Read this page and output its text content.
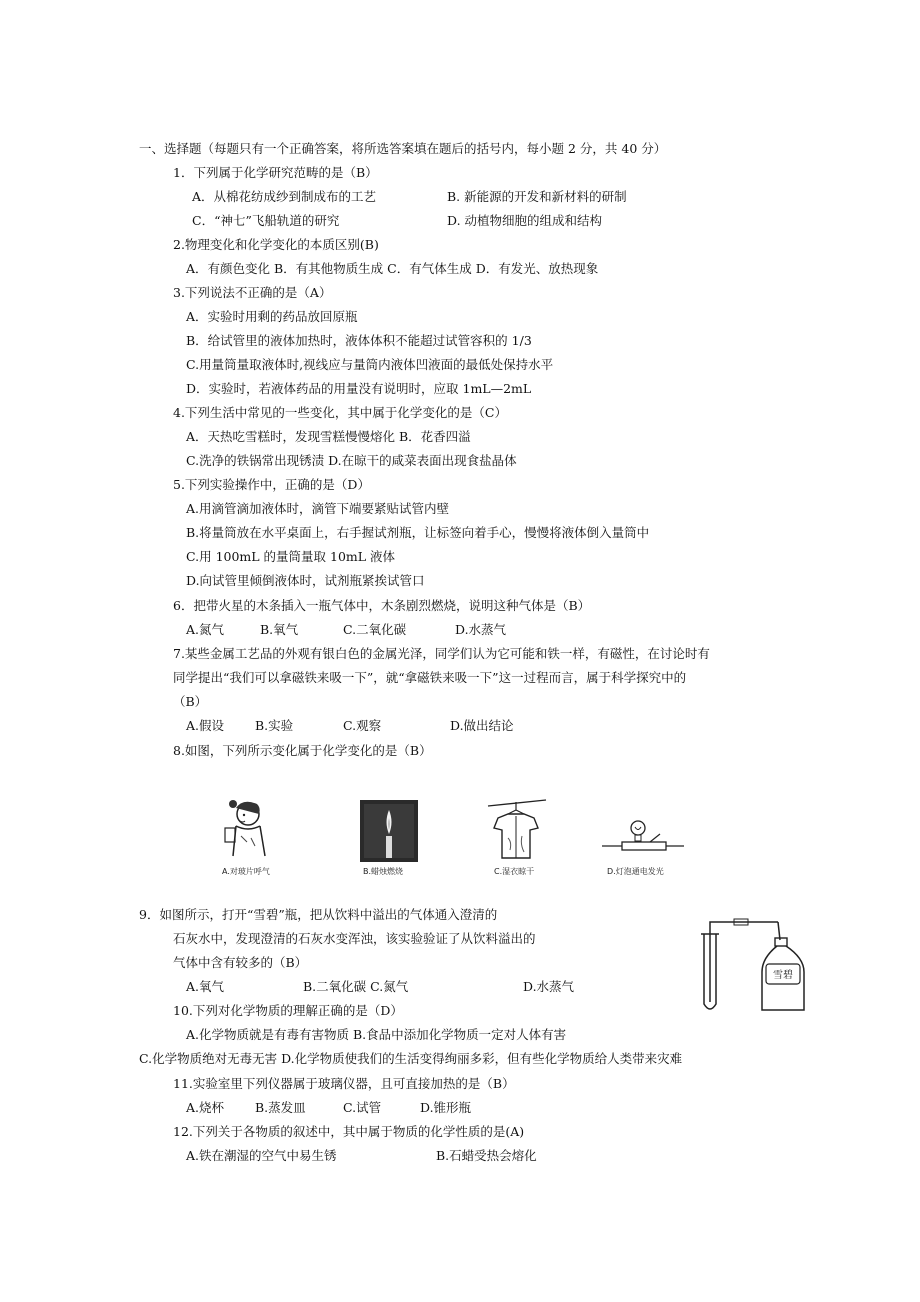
一、选择题（每题只有一个正确答案，将所选答案填在题后的括号内，每小题 2 分，共 40 分）
1．下列属于化学研究范畴的是（B）
A．从棉花纺成纱到制成布的工艺	B. 新能源的开发和新材料的研制
C．“神七”飞船轨道的研究	D. 动植物细胞的组成和结构
2.物理变化和化学变化的本质区别(B)
A．有颜色变化 B．有其他物质生成 C．有气体生成 D．有发光、放热现象
3.下列说法不正确的是（A）
A．实验时用剩的药品放回原瓶
B．给试管里的液体加热时，液体体积不能超过试管容积的 1/3
C.用量筒量取液体时,视线应与量筒内液体凹液面的最低处保持水平
D．实验时，若液体药品的用量没有说明时，应取 1mL—2mL
4.下列生活中常见的一些变化，其中属于化学变化的是（C）
A．天热吃雪糕时，发现雪糕慢慢熔化 B．花香四溢
C.洗净的铁锅常出现锈渍 D.在晾干的咸菜表面出现食盐晶体
5.下列实验操作中，正确的是（D）
A.用滴管滴加液体时，滴管下端要紧贴试管内壁
B.将量筒放在水平桌面上，右手握试剂瓶，让标签向着手心，慢慢将液体倒入量筒中
C.用 100mL 的量筒量取 10mL 液体
D.向试管里倾倒液体时，试剂瓶紧挨试管口
6．把带火星的木条插入一瓶气体中，木条剧烈燃烧，说明这种气体是（B）
A.氮气	B.氧气	C.二氧化碳	D.水蒸气
7.某些金属工艺品的外观有银白色的金属光泽，同学们认为它可能和铁一样，有磁性，在讨论时有
同学提出“我们可以拿磁铁来吸一下”，就“拿磁铁来吸一下”这一过程而言，属于科学探究中的
（B）
A.假设 B.实验	C.观察	D.做出结论
8.如图，下列所示变化属于化学变化的是（B）
A.对玻片呼气	B.蜡烛燃烧	C.湿衣晾干	D.灯泡通电发光
9．如图所示，打开“雪碧”瓶，把从饮料中溢出的气体通入澄清的
石灰水中，发现澄清的石灰水变浑浊，该实验验证了从饮料溢出的
气体中含有较多的（B）
A.氧气	B.二氧化碳 C.氮气	D.水蒸气
雪碧
10.下列对化学物质的理解正确的是（D）
A.化学物质就是有毒有害物质 B.食品中添加化学物质一定对人体有害
C.化学物质绝对无毒无害 D.化学物质使我们的生活变得绚丽多彩，但有些化学物质给人类带来灾难
11.实验室里下列仪器属于玻璃仪器，且可直接加热的是（B）
A.烧杯 B.蒸发皿	C.试管	D.锥形瓶
12.下列关于各物质的叙述中，其中属于物质的化学性质的是(A)
A.铁在潮湿的空气中易生锈	B.石蜡受热会熔化
